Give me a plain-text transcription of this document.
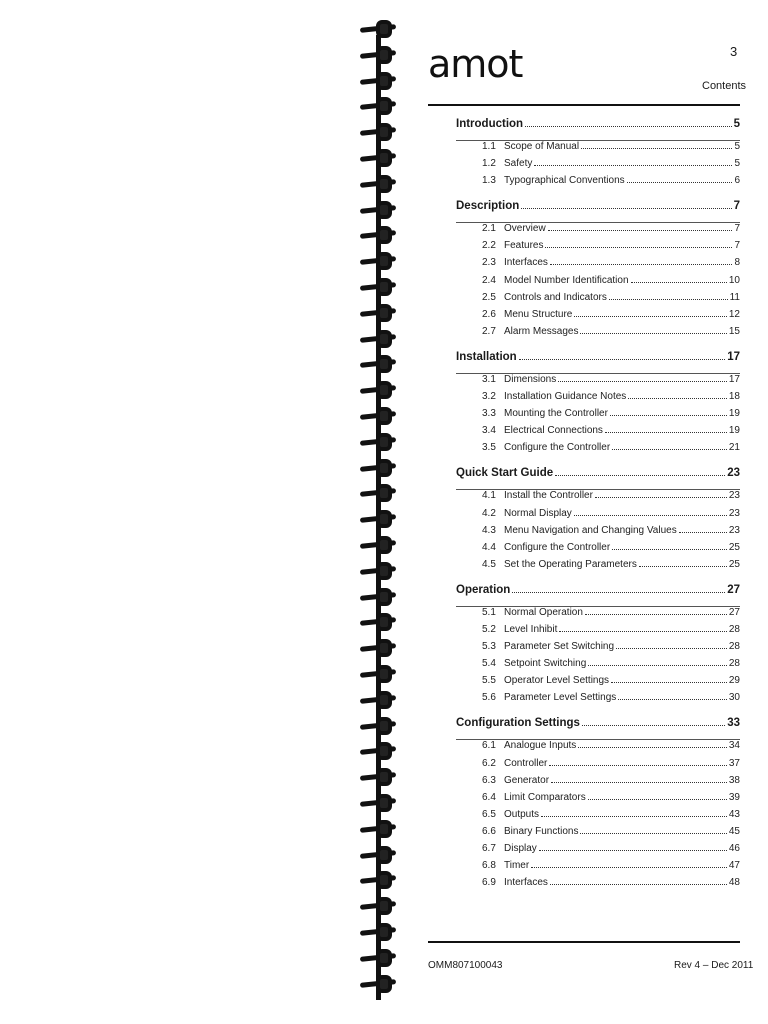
amot	3
Contents
Introduction	5
1.1 Scope of Manual	5
1.2 Safety	5
1.3 Typographical Conventions	6
Description	7
2.1 Overview	7
2.2 Features	7
2.3 Interfaces	8
2.4 Model Number Identification	10
2.5 Controls and Indicators	11
2.6 Menu Structure	12
2.7 Alarm Messages	15
Installation	17
3.1 Dimensions	17
3.2 Installation Guidance Notes	18
3.3 Mounting the Controller	19
3.4 Electrical Connections	19
3.5 Configure the Controller	21
Quick Start Guide	23
4.1 Install the Controller	23
4.2 Normal Display	23
4.3 Menu Navigation and Changing Values	23
4.4 Configure the Controller	25
4.5 Set the Operating Parameters	25
Operation	27
5.1 Normal Operation	27
5.2 Level Inhibit	28
5.3 Parameter Set Switching	28
5.4 Setpoint Switching	28
5.5 Operator Level Settings	29
5.6 Parameter Level Settings	30
Configuration Settings	33
6.1 Analogue Inputs	34
6.2 Controller	37
6.3 Generator	38
6.4 Limit Comparators	39
6.5 Outputs	43
6.6 Binary Functions	45
6.7 Display	46
6.8 Timer	47
6.9 Interfaces	48
OMM807100043	Rev 4 – Dec 2011
